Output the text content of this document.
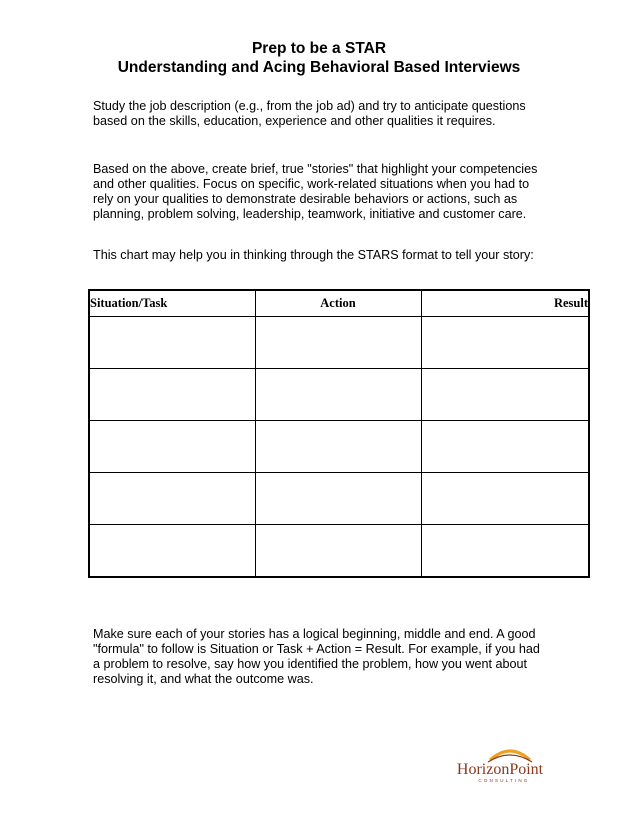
Prep to be a STAR
Understanding and Acing Behavioral Based Interviews

Study the job description (e.g., from the job ad) and try to anticipate questions based on the skills, education, experience and other qualities it requires.

Based on the above, create brief, true "stories" that highlight your competencies and other qualities. Focus on specific, work-related situations when you had to rely on your qualities to demonstrate desirable behaviors or actions, such as planning, problem solving, leadership, teamwork, initiative and customer care.

This chart may help you in thinking through the STARS format to tell your story:

Situation/Task	Action	Result

Make sure each of your stories has a logical beginning, middle and end. A good "formula" to follow is Situation or Task + Action = Result. For example, if you had a problem to resolve, say how you identified the problem, how you went about resolving it, and what the outcome was.

HorizonPoint
CONSULTING
